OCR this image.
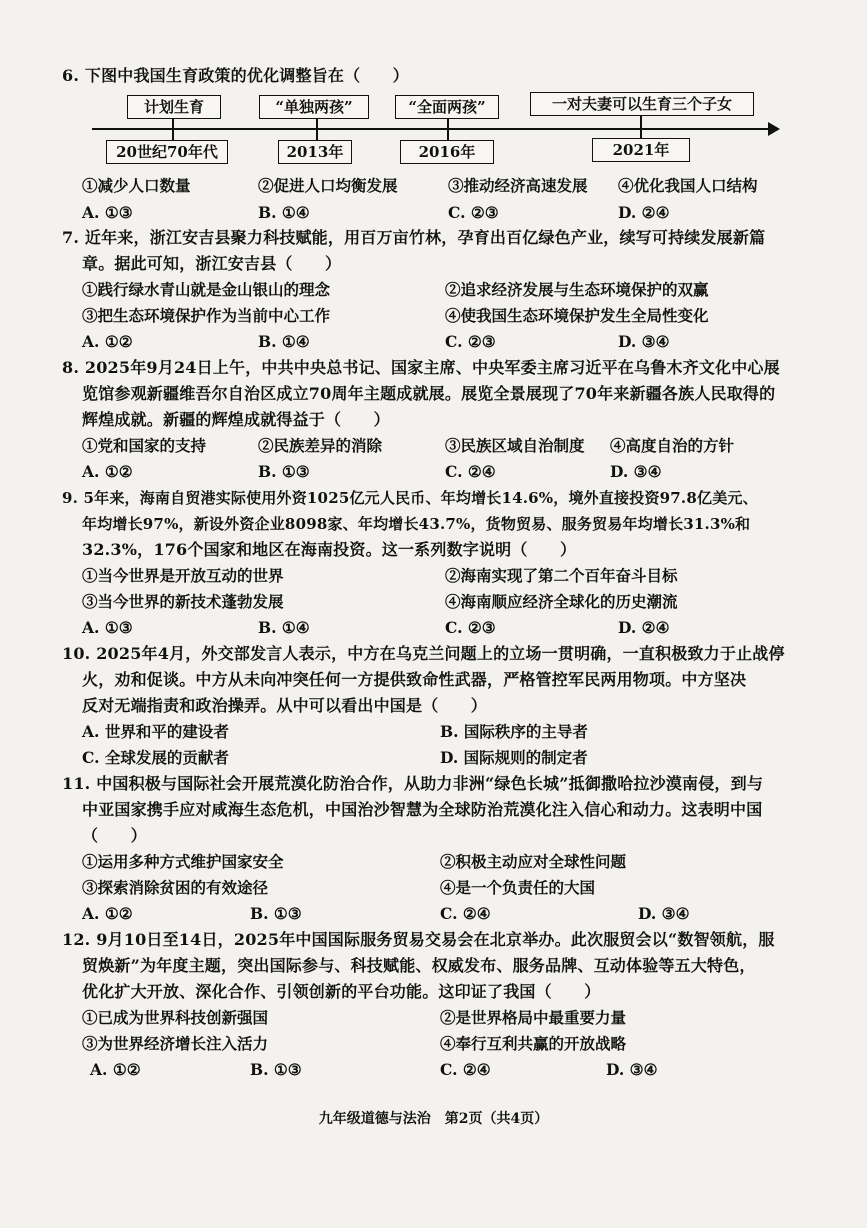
6. 下图中我国生育政策的优化调整旨在（　　）
计划生育	“单独两孩”	“全面两孩”	一对夫妻可以生育三个子女
20世纪70年代	2013年	2016年	2021年
①减少人口数量	②促进人口均衡发展	③推动经济高速发展 ④优化我国人口结构
A. ①③	B. ①④	C. ②③	D. ②④
7. 近年来，浙江安吉县聚力科技赋能，用百万亩竹林，孕育出百亿绿色产业，续写可持续发展新篇
章。据此可知，浙江安吉县（　　）
①践行绿水青山就是金山银山的理念	②追求经济发展与生态环境保护的双赢
③把生态环境保护作为当前中心工作	④使我国生态环境保护发生全局性变化
A. ①②	B. ①④	C. ②③	D. ③④
8. 2025年9月24日上午，中共中央总书记、国家主席、中央军委主席习近平在乌鲁木齐文化中心展
览馆参观新疆维吾尔自治区成立70周年主题成就展。展览全景展现了70年来新疆各族人民取得的
辉煌成就。新疆的辉煌成就得益于（　　）
①党和国家的支持	②民族差异的消除	③民族区域自治制度 ④高度自治的方针
A. ①②	B. ①③	C. ②④	D. ③④
9. 5年来，海南自贸港实际使用外资1025亿元人民币、年均增长14.6%，境外直接投资97.8亿美元、
年均增长97%，新设外资企业8098家、年均增长43.7%，货物贸易、服务贸易年均增长31.3%和
32.3%，176个国家和地区在海南投资。这一系列数字说明（　　）
①当今世界是开放互动的世界	②海南实现了第二个百年奋斗目标
③当今世界的新技术蓬勃发展	④海南顺应经济全球化的历史潮流
A. ①③	B. ①④	C. ②③	D. ②④
10. 2025年4月，外交部发言人表示，中方在乌克兰问题上的立场一贯明确，一直积极致力于止战停
火，劝和促谈。中方从未向冲突任何一方提供致命性武器，严格管控军民两用物项。中方坚决
反对无端指责和政治操弄。从中可以看出中国是（　　）
A. 世界和平的建设者	B. 国际秩序的主导者
C. 全球发展的贡献者	D. 国际规则的制定者
11. 中国积极与国际社会开展荒漠化防治合作，从助力非洲“绿色长城”抵御撒哈拉沙漠南侵，到与
中亚国家携手应对咸海生态危机，中国治沙智慧为全球防治荒漠化注入信心和动力。这表明中国
（　　）
①运用多种方式维护国家安全	②积极主动应对全球性问题
③探索消除贫困的有效途径	④是一个负责任的大国
A. ①②	B. ①③	C. ②④	D. ③④
12. 9月10日至14日，2025年中国国际服务贸易交易会在北京举办。此次服贸会以“数智领航，服
贸焕新”为年度主题，突出国际参与、科技赋能、权威发布、服务品牌、互动体验等五大特色，
优化扩大开放、深化合作、引领创新的平台功能。这印证了我国（　　）
①已成为世界科技创新强国	②是世界格局中最重要力量
③为世界经济增长注入活力	④奉行互利共赢的开放战略
A. ①②	B. ①③	C. ②④	D. ③④
九年级道德与法治　第2页（共4页）
